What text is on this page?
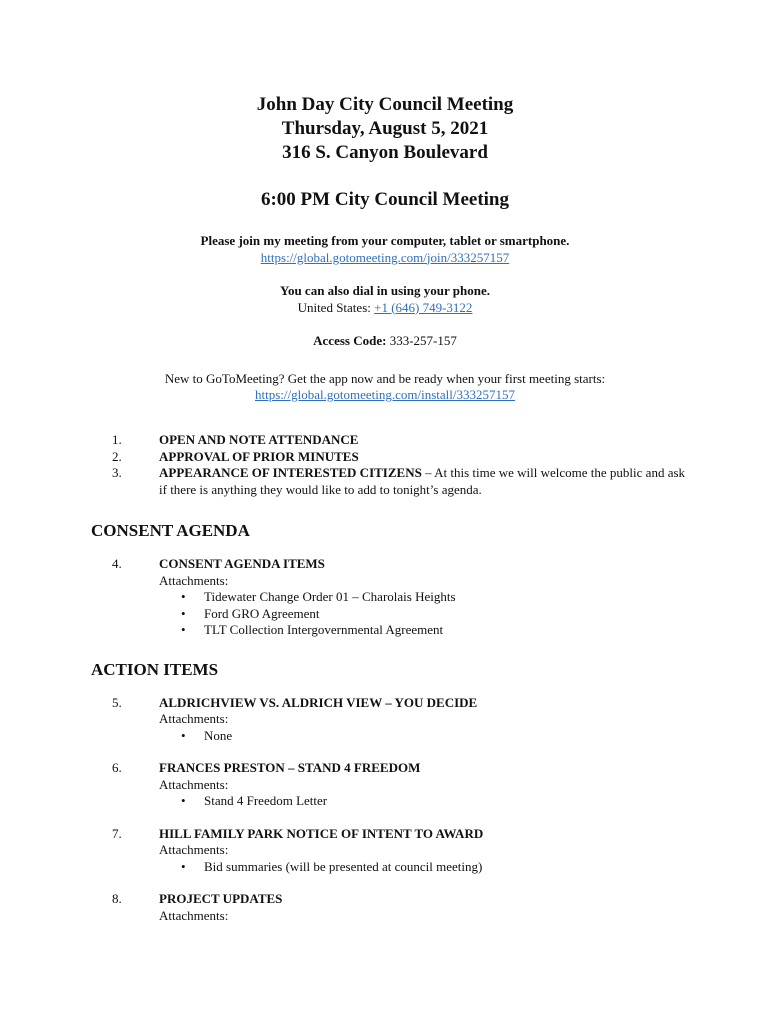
John Day City Council Meeting
Thursday, August 5, 2021
316 S. Canyon Boulevard
6:00 PM City Council Meeting
Please join my meeting from your computer, tablet or smartphone.
https://global.gotomeeting.com/join/333257157
You can also dial in using your phone.
United States: +1 (646) 749-3122
Access Code: 333-257-157
New to GoToMeeting? Get the app now and be ready when your first meeting starts:
https://global.gotomeeting.com/install/333257157
1.	OPEN AND NOTE ATTENDANCE
2.	APPROVAL OF PRIOR MINUTES
3.	APPEARANCE OF INTERESTED CITIZENS – At this time we will welcome the public and ask if there is anything they would like to add to tonight’s agenda.
CONSENT AGENDA
4.	CONSENT AGENDA ITEMS
Attachments:
• Tidewater Change Order 01 – Charolais Heights
• Ford GRO Agreement
• TLT Collection Intergovernmental Agreement
ACTION ITEMS
5.	ALDRICHVIEW VS. ALDRICH VIEW – YOU DECIDE
Attachments:
• None
6.	FRANCES PRESTON – STAND 4 FREEDOM
Attachments:
• Stand 4 Freedom Letter
7.	HILL FAMILY PARK NOTICE OF INTENT TO AWARD
Attachments:
• Bid summaries (will be presented at council meeting)
8.	PROJECT UPDATES
Attachments:
